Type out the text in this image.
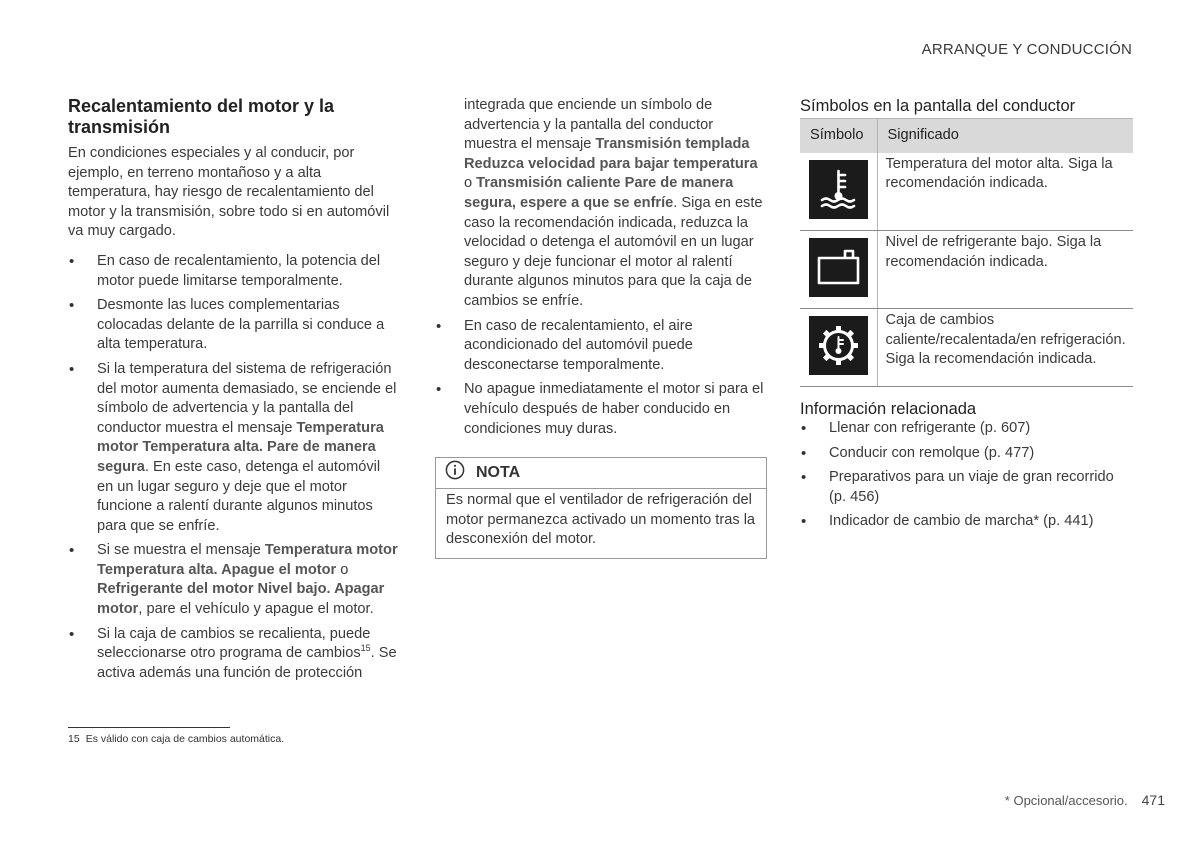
ARRANQUE Y CONDUCCIÓN
Recalentamiento del motor y la transmisión

En condiciones especiales y al conducir, por ejemplo, en terreno montañoso y a alta temperatura, hay riesgo de recalentamiento del motor y la transmisión, sobre todo si en automóvil va muy cargado.

• En caso de recalentamiento, la potencia del motor puede limitarse temporalmente.
• Desmonte las luces complementarias colocadas delante de la parrilla si conduce a alta temperatura.
• Si la temperatura del sistema de refrigeración del motor aumenta demasiado, se enciende el símbolo de advertencia y la pantalla del conductor muestra el mensaje Temperatura motor Temperatura alta. Pare de manera segura. En este caso, detenga el automóvil en un lugar seguro y deje que el motor funcione a ralentí durante algunos minutos para que se enfríe.
• Si se muestra el mensaje Temperatura motor Temperatura alta. Apague el motor o Refrigerante del motor Nivel bajo. Apagar motor, pare el vehículo y apague el motor.
• Si la caja de cambios se recalienta, puede seleccionarse otro programa de cambios$^{15}$. Se activa además una función de protección
integrada que enciende un símbolo de advertencia y la pantalla del conductor muestra el mensaje Transmisión templada Reduzca velocidad para bajar temperatura o Transmisión caliente Pare de manera segura, espere a que se enfríe. Siga en este caso la recomendación indicada, reduzca la velocidad o detenga el automóvil en un lugar seguro y deje funcionar el motor al ralentí durante algunos minutos para que la caja de cambios se enfríe.
• En caso de recalentamiento, el aire acondicionado del automóvil puede desconectarse temporalmente.
• No apague inmediatamente el motor si para el vehículo después de haber conducido en condiciones muy duras.
NOTA
Es normal que el ventilador de refrigeración del motor permanezca activado un momento tras la desconexión del motor.
Símbolos en la pantalla del conductor
Símbolo	Significado

	Temperatura del motor alta. Siga la recomendación indicada.

	Nivel de refrigerante bajo. Siga la recomendación indicada.

	Caja de cambios caliente/recalentada/en refrigeración. Siga la recomendación indicada.
Información relacionada
• Llenar con refrigerante (p. 607)
• Conducir con remolque (p. 477)
• Preparativos para un viaje de gran recorrido (p. 456)
• Indicador de cambio de marcha* (p. 441)
15 Es válido con caja de cambios automática.
* Opcional/accesorio. 471
